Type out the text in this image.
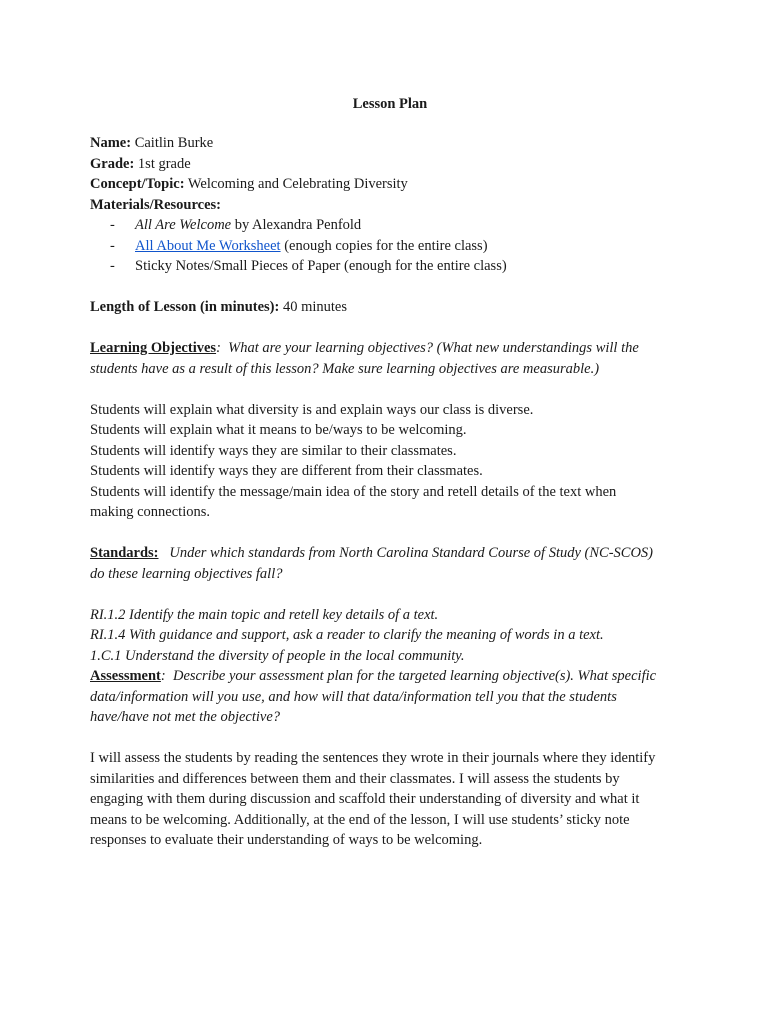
Lesson Plan

Name: Caitlin Burke

Grade: 1st grade

Concept/Topic: Welcoming and Celebrating Diversity

Materials/Resources:

- All Are Welcome by Alexandra Penfold
- All About Me Worksheet (enough copies for the entire class)
- Sticky Notes/Small Pieces of Paper (enough for the entire class)

Length of Lesson (in minutes): 40 minutes

Learning Objectives: What are your learning objectives? (What new understandings will the

students have as a result of this lesson? Make sure learning objectives are measurable.)

Students will explain what diversity is and explain ways our class is diverse.

Students will explain what it means to be/ways to be welcoming.

Students will identify ways they are similar to their classmates.

Students will identify ways they are different from their classmates.

Students will identify the message/main idea of the story and retell details of the text when

making connections.

Standards: Under which standards from North Carolina Standard Course of Study (NC-SCOS)

do these learning objectives fall?

RI.1.2 Identify the main topic and retell key details of a text.

RI.1.4 With guidance and support, ask a reader to clarify the meaning of words in a text.

1.C.1 Understand the diversity of people in the local community.

Assessment: Describe your assessment plan for the targeted learning objective(s). What specific

data/information will you use, and how will that data/information tell you that the students

have/have not met the objective?

I will assess the students by reading the sentences they wrote in their journals where they identify

similarities and differences between them and their classmates. I will assess the students by

engaging with them during discussion and scaffold their understanding of diversity and what it

means to be welcoming. Additionally, at the end of the lesson, I will use students’ sticky note

responses to evaluate their understanding of ways to be welcoming.
